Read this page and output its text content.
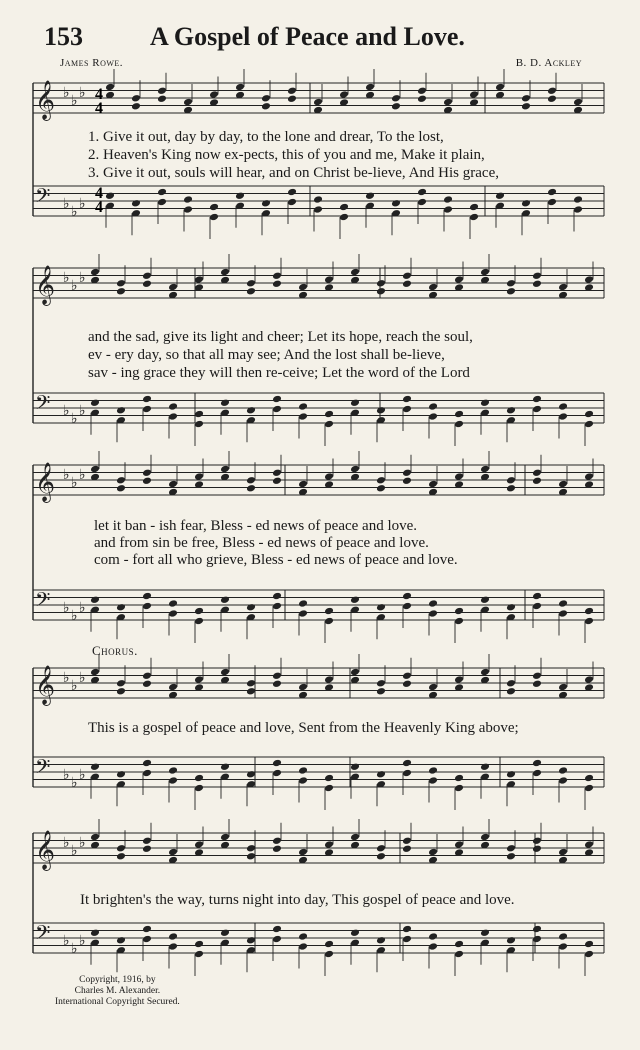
153	A Gospel of Peace and Love.
James Rowe.	B. D. Ackley
𝄞 ♭ ♭ ♭
𝄢 ♭ ♭ ♭
𝄞 ♭ ♭ ♭
𝄢 ♭ ♭ ♭
𝄞 ♭ ♭ ♭
𝄢 ♭ ♭ ♭
𝄞 ♭ ♭ ♭
𝄢 ♭ ♭ ♭
𝄞 ♭ ♭ ♭
𝄢 ♭ ♭ ♭
4
4
4
4
1. Give it out, day by day, to the lone and drear, To the lost,
2. Heaven's King now ex-pects, this of you and me, Make it plain,
3. Give it out, souls will hear, and on Christ be-lieve, And His grace,
and the sad, give its light and cheer; Let its hope, reach the soul,
ev - ery day, so that all may see; And the lost shall be-lieve,
sav - ing grace they will then re-ceive; Let the word of the Lord
let it ban - ish fear, Bless - ed news of peace and love.
and from sin be free, Bless - ed news of peace and love.
com - fort all who grieve, Bless - ed news of peace and love.
Chorus.
This is a gospel of peace and love, Sent from the Heavenly King above;
It brighten's the way, turns night into day, This gospel of peace and love.
Copyright, 1916, by
Charles M. Alexander.
International Copyright Secured.
